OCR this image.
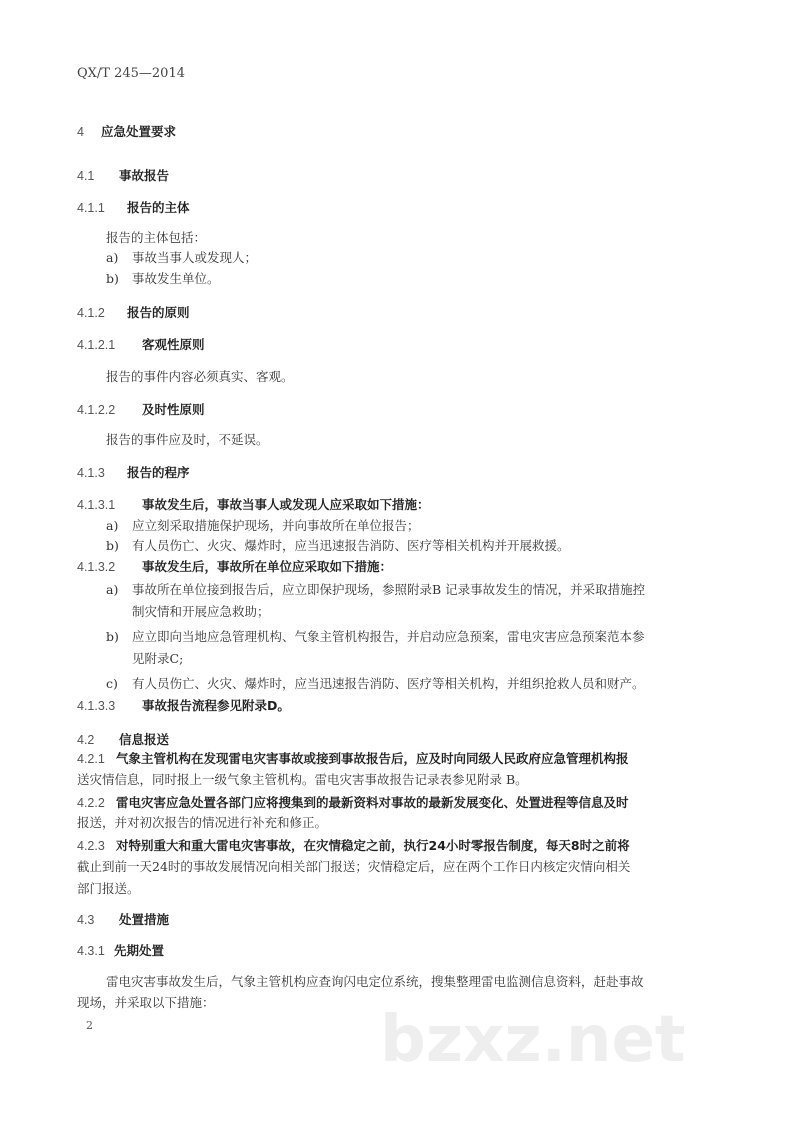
QX/T 245—2014
4 应急处置要求
4.1 事故报告
4.1.1 报告的主体
报告的主体包括：
a) 事故当事人或发现人；
b) 事故发生单位。
4.1.2 报告的原则
4.1.2.1 客观性原则
报告的事件内容必须真实、客观。
4.1.2.2 及时性原则
报告的事件应及时，不延误。
4.1.3 报告的程序
4.1.3.1 事故发生后，事故当事人或发现人应采取如下措施：
a) 应立刻采取措施保护现场，并向事故所在单位报告；
b) 有人员伤亡、火灾、爆炸时，应当迅速报告消防、医疗等相关机构并开展救援。
4.1.3.2 事故发生后，事故所在单位应采取如下措施：
a) 事故所在单位接到报告后，应立即保护现场，参照附录B 记录事故发生的情况，并采取措施控
制灾情和开展应急救助；
b) 应立即向当地应急管理机构、气象主管机构报告，并启动应急预案，雷电灾害应急预案范本参
见附录C;
c) 有人员伤亡、火灾、爆炸时，应当迅速报告消防、医疗等相关机构，并组织抢救人员和财产。
4.1.3.3 事故报告流程参见附录D。
4.2 信息报送
4.2.1 气象主管机构在发现雷电灾害事故或接到事故报告后，应及时向同级人民政府应急管理机构报
送灾情信息，同时报上一级气象主管机构。雷电灾害事故报告记录表参见附录 B。
4.2.2 雷电灾害应急处置各部门应将搜集到的最新资料对事故的最新发展变化、处置进程等信息及时
报送，并对初次报告的情况进行补充和修正。
4.2.3 对特别重大和重大雷电灾害事故，在灾情稳定之前，执行24小时零报告制度，每天8时之前将
截止到前一天24时的事故发展情况向相关部门报送；灾情稳定后，应在两个工作日内核定灾情向相关
部门报送。
4.3 处置措施
4.3.1 先期处置
雷电灾害事故发生后，气象主管机构应查询闪电定位系统，搜集整理雷电监测信息资料，赶赴事故
现场，并采取以下措施：
bzxz.net
2
